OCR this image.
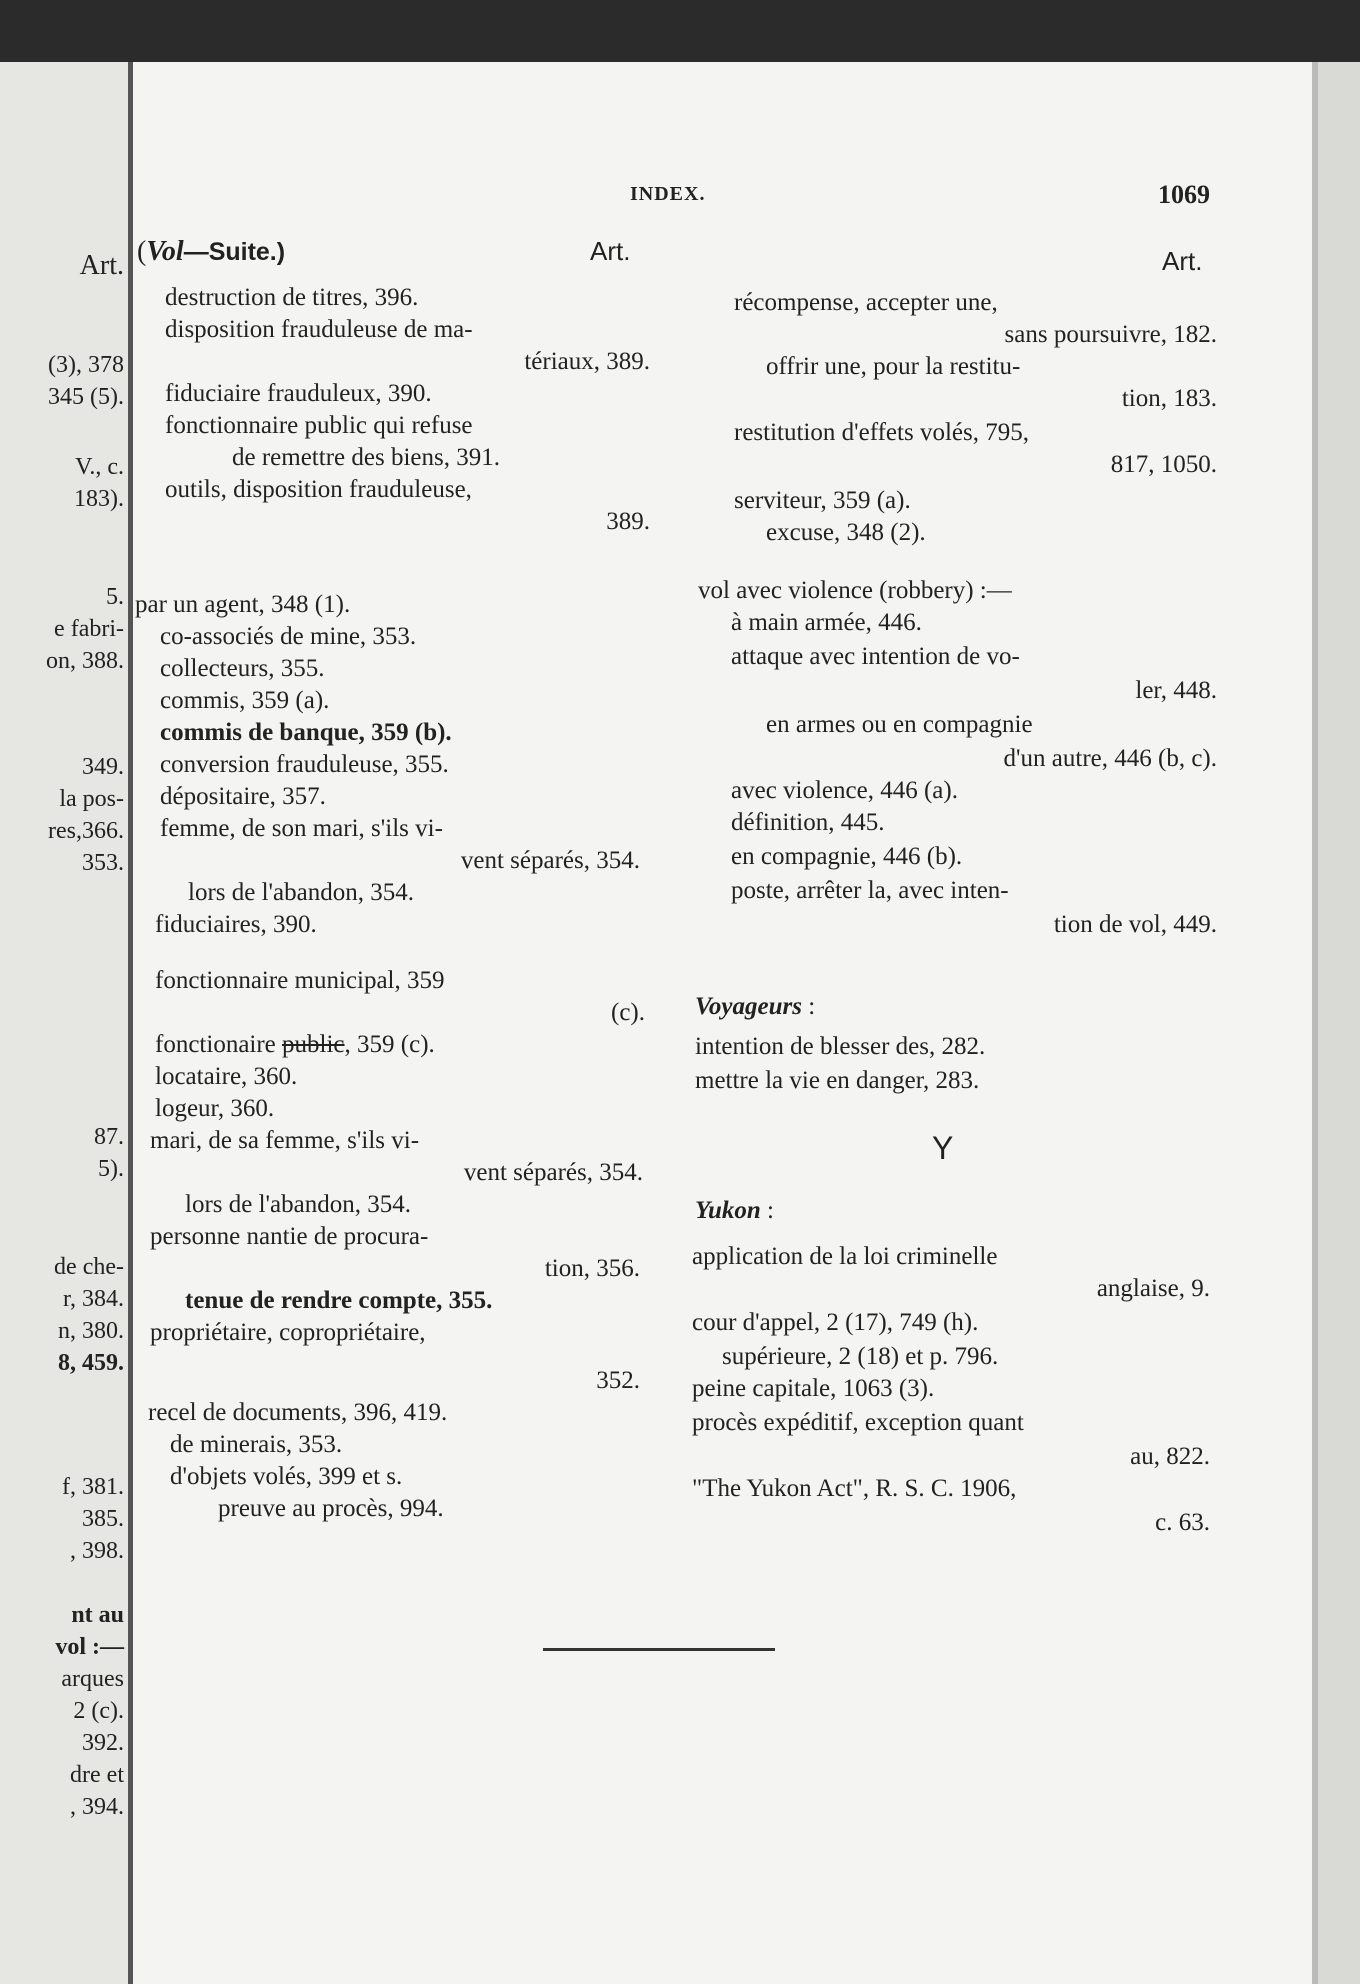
Art.
(3), 378
345 (5).
V., c.
183).
5.
e fabri-
on, 388.
349.
la pos-
res,366.
353.
87.
5).
de che-
r, 384.
n, 380.
8, 459.
f, 381.
385.
, 398.
nt au
vol :—
arques
2 (c).
392.
dre et
, 394.
INDEX.	1069
(Vol—Suite.)	Art.
destruction de titres, 396.
disposition frauduleuse de ma-
tériaux, 389.
fiduciaire frauduleux, 390.
fonctionnaire public qui refuse
de remettre des biens, 391.
outils, disposition frauduleuse,
389.
par un agent, 348 (1).
co-associés de mine, 353.
collecteurs, 355.
commis, 359 (a).
commis de banque, 359 (b).
conversion frauduleuse, 355.
dépositaire, 357.
femme, de son mari, s'ils vi-
vent séparés, 354.
lors de l'abandon, 354.
fiduciaires, 390.
fonctionnaire municipal, 359
(c).
fonctionaire public, 359 (c).
locataire, 360.
logeur, 360.
mari, de sa femme, s'ils vi-
vent séparés, 354.
lors de l'abandon, 354.
personne nantie de procura-
tion, 356.
tenue de rendre compte, 355.
propriétaire, copropriétaire,
352.
recel de documents, 396, 419.
de minerais, 353.
d'objets volés, 399 et s.
preuve au procès, 994.
Art.
récompense, accepter une,
sans poursuivre, 182.
offrir une, pour la restitu-
tion, 183.
restitution d'effets volés, 795,
817, 1050.
serviteur, 359 (a).
excuse, 348 (2).
vol avec violence (robbery) :—
à main armée, 446.
attaque avec intention de vo-
ler, 448.
en armes ou en compagnie
d'un autre, 446 (b, c).
avec violence, 446 (a).
définition, 445.
en compagnie, 446 (b).
poste, arrêter la, avec inten-
tion de vol, 449.
Voyageurs :
intention de blesser des, 282.
mettre la vie en danger, 283.
Y
Yukon :
application de la loi criminelle
anglaise, 9.
cour d'appel, 2 (17), 749 (h).
supérieure, 2 (18) et p. 796.
peine capitale, 1063 (3).
procès expéditif, exception quant
au, 822.
"The Yukon Act", R. S. C. 1906,
c. 63.
